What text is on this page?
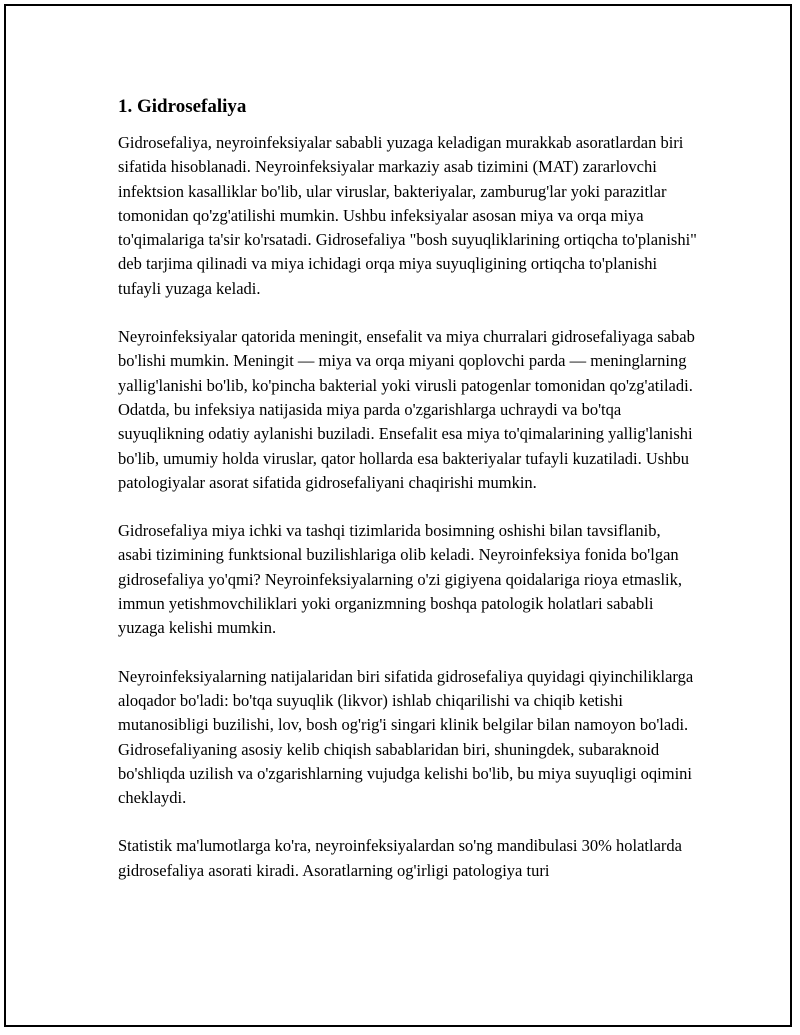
1. Gidrosefaliya

Gidrosefaliya, neyroinfeksiyalar sababli yuzaga keladigan murakkab asoratlardan biri sifatida hisoblanadi. Neyroinfeksiyalar markaziy asab tizimini (MAT) zararlovchi infektsion kasalliklar bo'lib, ular viruslar, bakteriyalar, zamburug'lar yoki parazitlar tomonidan qo'zg'atilishi mumkin. Ushbu infeksiyalar asosan miya va orqa miya to'qimalariga ta'sir ko'rsatadi. Gidrosefaliya "bosh suyuqliklarining ortiqcha to'planishi" deb tarjima qilinadi va miya ichidagi orqa miya suyuqligining ortiqcha to'planishi tufayli yuzaga keladi.

Neyroinfeksiyalar qatorida meningit, ensefalit va miya churralari gidrosefaliyaga sabab bo'lishi mumkin. Meningit — miya va orqa miyani qoplovchi parda — meninglarning yallig'lanishi bo'lib, ko'pincha bakterial yoki virusli patogenlar tomonidan qo'zg'atiladi. Odatda, bu infeksiya natijasida miya parda o'zgarishlarga uchraydi va bo'tqa suyuqlikning odatiy aylanishi buziladi. Ensefalit esa miya to'qimalarining yallig'lanishi bo'lib, umumiy holda viruslar, qator hollarda esa bakteriyalar tufayli kuzatiladi. Ushbu patologiyalar asorat sifatida gidrosefaliyani chaqirishi mumkin.

Gidrosefaliya miya ichki va tashqi tizimlarida bosimning oshishi bilan tavsiflanib, asabi tizimining funktsional buzilishlariga olib keladi. Neyroinfeksiya fonida bo'lgan gidrosefaliya yo'qmi? Neyroinfeksiyalarning o'zi gigiyena qoidalariga rioya etmaslik, immun yetishmovchiliklari yoki organizmning boshqa patologik holatlari sababli yuzaga kelishi mumkin.

Neyroinfeksiyalarning natijalaridan biri sifatida gidrosefaliya quyidagi qiyinchiliklarga aloqador bo'ladi: bo'tqa suyuqlik (likvor) ishlab chiqarilishi va chiqib ketishi mutanosibligi buzilishi, lov, bosh og'rig'i singari klinik belgilar bilan namoyon bo'ladi. Gidrosefaliyaning asosiy kelib chiqish sabablaridan biri, shuningdek, subaraknoid bo'shliqda uzilish va o'zgarishlarning vujudga kelishi bo'lib, bu miya suyuqligi oqimini cheklaydi.

Statistik ma'lumotlarga ko'ra, neyroinfeksiyalardan so'ng mandibulasi 30% holatlarda gidrosefaliya asorati kiradi. Asoratlarning og'irligi patologiya turi
